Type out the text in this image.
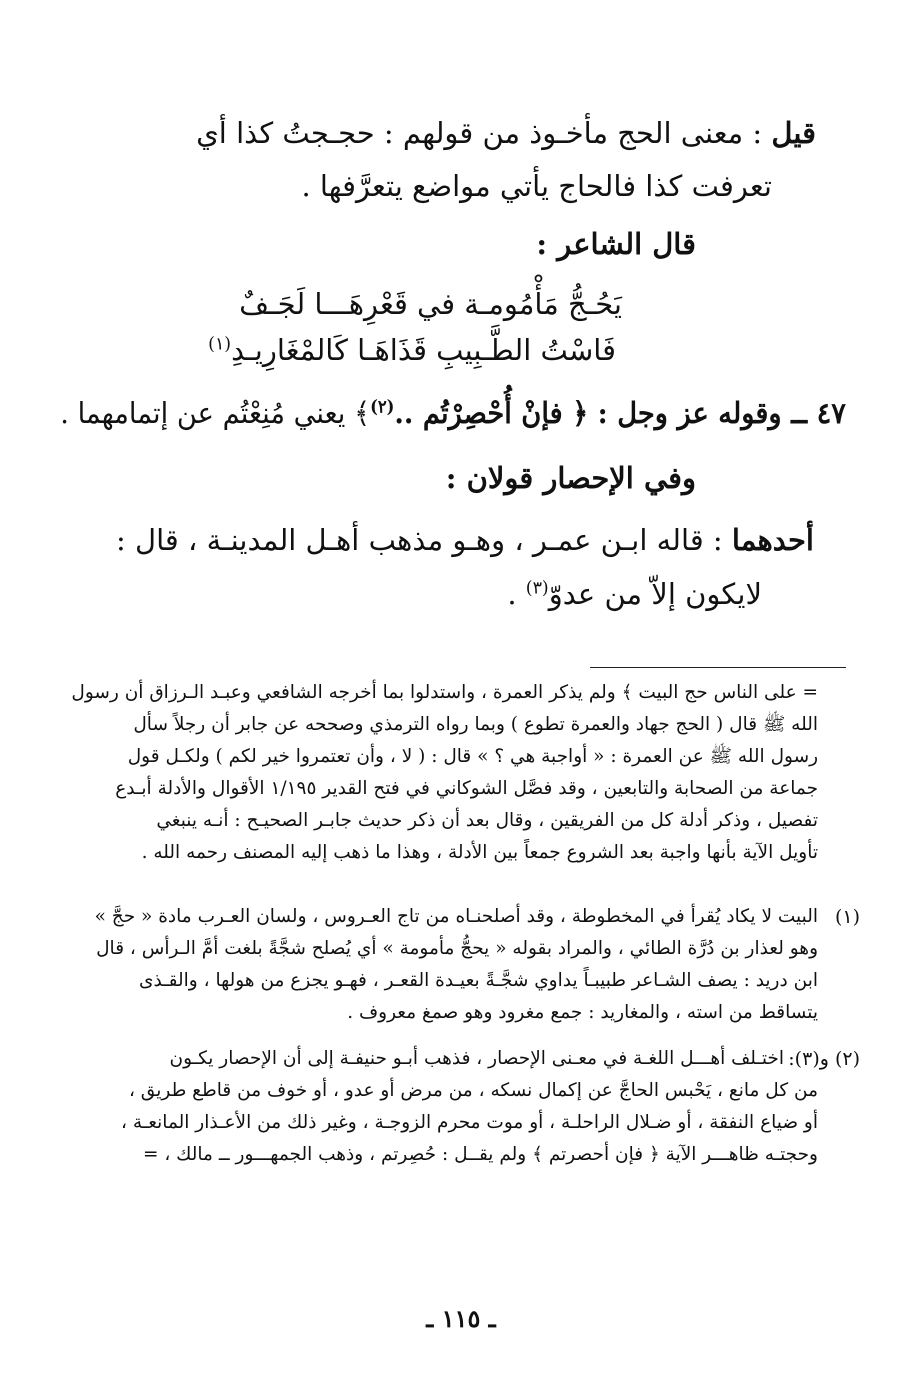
قيل : معنى الحج مأخـوذ من قولهم : حجـجتُ كذا أي
تعرفت كذا فالحاج يأتي مواضع يتعرَّفها .
قال الشاعر :
يَحُـجُّ مَأْمُومـة في قَعْرِهَـــا لَجَـفٌ
فَاسْتُ الطَّـبِيبِ قَذَاهَـا كَالمْغَارِيـدِ$^{(١)}$
٤٧ ــ وقوله عز وجل : ﴿ فإنْ أُحْصِرْتُم ..$^{(٢)}$﴾ يعني مُنِعْتُم عن إتمامهما .
وفي الإحصار قولان :
أحدهما : قاله ابـن عمـر ، وهـو مذهب أهـل المدينـة ، قال :
لايكون إلاّ من عدوّ$^{(٣)}$ .
= على الناس حج البيت ﴾ ولم يذكر العمرة ، واستدلوا بما أخرجه الشافعي وعبـد الـرزاق أن رسول
الله ﷺ قال ( الحج جهاد والعمرة تطوع ) وبما رواه الترمذي وصححه عن جابر أن رجلاً سأل
رسول الله ﷺ عن العمرة : « أواجبة هي ؟ » قال : ( لا ، وأن تعتمروا خير لكم ) ولكـل قول
جماعة من الصحابة والتابعين ، وقد فصَّل الشوكاني في فتح القدير ١/١٩٥ الأقوال والأدلة أبـدع
تفصيل ، وذكر أدلة كل من الفريقين ، وقال بعد أن ذكر حديث جابـر الصحيـح : أنـه ينبغي
تأويل الآية بأنها واجبة بعد الشروع جمعاً بين الأدلة ، وهذا ما ذهب إليه المصنف رحمه الله .
(١)
البيت لا يكاد يُقرأ في المخطوطة ، وقد أصلحنـاه من تاج العـروس ، ولسان العـرب مادة « حجَّ »
وهو لعذار بن دُرَّة الطائي ، والمراد بقوله « يحجُّ مأمومة » أي يُصلح شجَّةً بلغت أمَّ الـرأس ، قال
ابن دريد : يصف الشـاعر طبيبـاً يداوي شجَّـةً بعيـدة القعـر ، فهـو يجزع من هولها ، والقـذى
يتساقط من استه ، والمغاريد : جمع مغرود وهو صمغ معروف .
(٢) و(٣):
اختـلف أهـــل اللغـة في معـنى الإحصار ، فذهب أبـو حنيفـة إلى أن الإحصار يكـون
من كل مانع ، يَحْبس الحاجَّ عن إكمال نسكه ، من مرض أو عدو ، أو خوف من قاطع طريق ،
أو ضياع النفقة ، أو ضـلال الراحلـة ، أو موت محرم الزوجـة ، وغير ذلك من الأعـذار المانعـة ،
وحجتـه ظاهـــر الآية ﴿ فإن أحصرتم ﴾ ولم يقــل : حُصِرتم ، وذهب الجمهـــور ــ مالك ، =
ـ ١١٥ ـ
